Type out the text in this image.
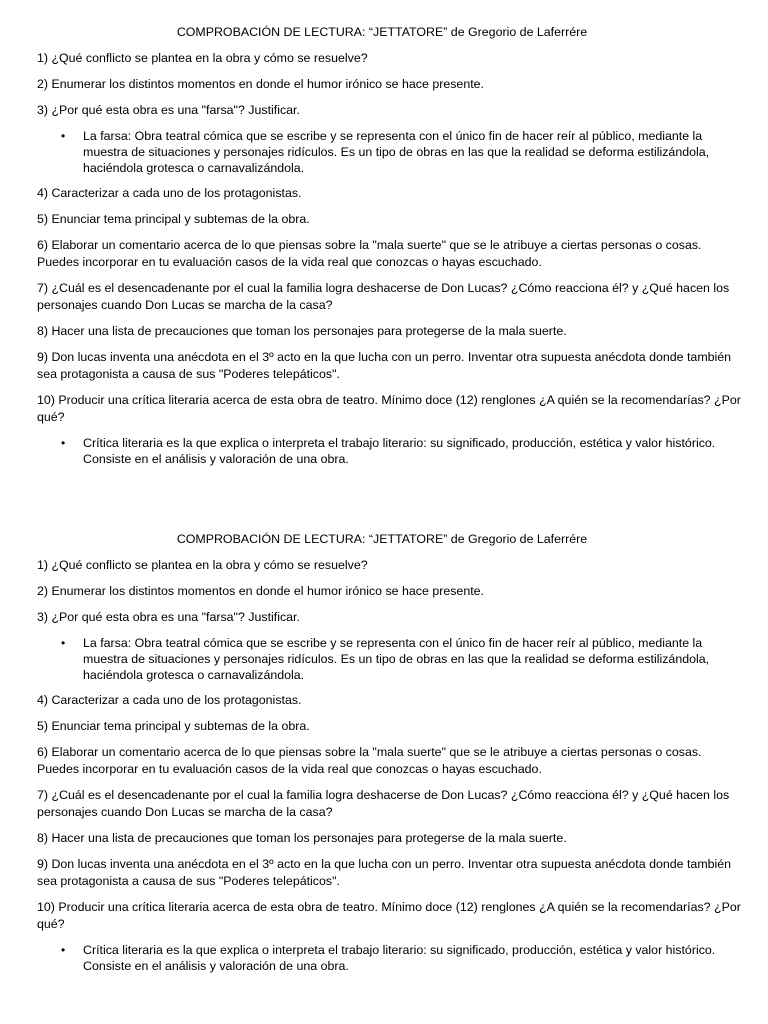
COMPROBACIÓN DE LECTURA: “JETTATORE” de Gregorio de Laferrére

1) ¿Qué conflicto se plantea en la obra y cómo se resuelve?

2) Enumerar los distintos momentos en donde el humor irónico se hace presente.

3) ¿Por qué esta obra es una "farsa"? Justificar.

• La farsa: Obra teatral cómica que se escribe y se representa con el único fin de hacer reír al público, mediante la muestra de situaciones y personajes ridículos. Es un tipo de obras en las que la realidad se deforma estilizándola, haciéndola grotesca o carnavalizándola.

4) Caracterizar a cada uno de los protagonistas.

5) Enunciar tema principal y subtemas de la obra.

6) Elaborar un comentario acerca de lo que piensas sobre la "mala suerte" que se le atribuye a ciertas personas o cosas. Puedes incorporar en tu evaluación casos de la vida real que conozcas o hayas escuchado.

7) ¿Cuál es el desencadenante por el cual la familia logra deshacerse de Don Lucas? ¿Cómo reacciona él? y ¿Qué hacen los personajes cuando Don Lucas se marcha de la casa?

8) Hacer una lista de precauciones que toman los personajes para protegerse de la mala suerte.

9) Don lucas inventa una anécdota en el 3º acto en la que lucha con un perro. Inventar otra supuesta anécdota donde también sea protagonista a causa de sus "Poderes telepáticos".

10) Producir una crítica literaria acerca de esta obra de teatro. Mínimo doce (12) renglones ¿A quién se la recomendarías? ¿Por qué?

• Crítica literaria es la que explica o interpreta el trabajo literario: su significado, producción, estética y valor histórico. Consiste en el análisis y valoración de una obra.

COMPROBACIÓN DE LECTURA: “JETTATORE” de Gregorio de Laferrére

1) ¿Qué conflicto se plantea en la obra y cómo se resuelve?

2) Enumerar los distintos momentos en donde el humor irónico se hace presente.

3) ¿Por qué esta obra es una "farsa"? Justificar.

• La farsa: Obra teatral cómica que se escribe y se representa con el único fin de hacer reír al público, mediante la muestra de situaciones y personajes ridículos. Es un tipo de obras en las que la realidad se deforma estilizándola, haciéndola grotesca o carnavalizándola.

4) Caracterizar a cada uno de los protagonistas.

5) Enunciar tema principal y subtemas de la obra.

6) Elaborar un comentario acerca de lo que piensas sobre la "mala suerte" que se le atribuye a ciertas personas o cosas. Puedes incorporar en tu evaluación casos de la vida real que conozcas o hayas escuchado.

7) ¿Cuál es el desencadenante por el cual la familia logra deshacerse de Don Lucas? ¿Cómo reacciona él? y ¿Qué hacen los personajes cuando Don Lucas se marcha de la casa?

8) Hacer una lista de precauciones que toman los personajes para protegerse de la mala suerte.

9) Don lucas inventa una anécdota en el 3º acto en la que lucha con un perro. Inventar otra supuesta anécdota donde también sea protagonista a causa de sus "Poderes telepáticos".

10) Producir una crítica literaria acerca de esta obra de teatro. Mínimo doce (12) renglones ¿A quién se la recomendarías? ¿Por qué?

• Crítica literaria es la que explica o interpreta el trabajo literario: su significado, producción, estética y valor histórico. Consiste en el análisis y valoración de una obra.
